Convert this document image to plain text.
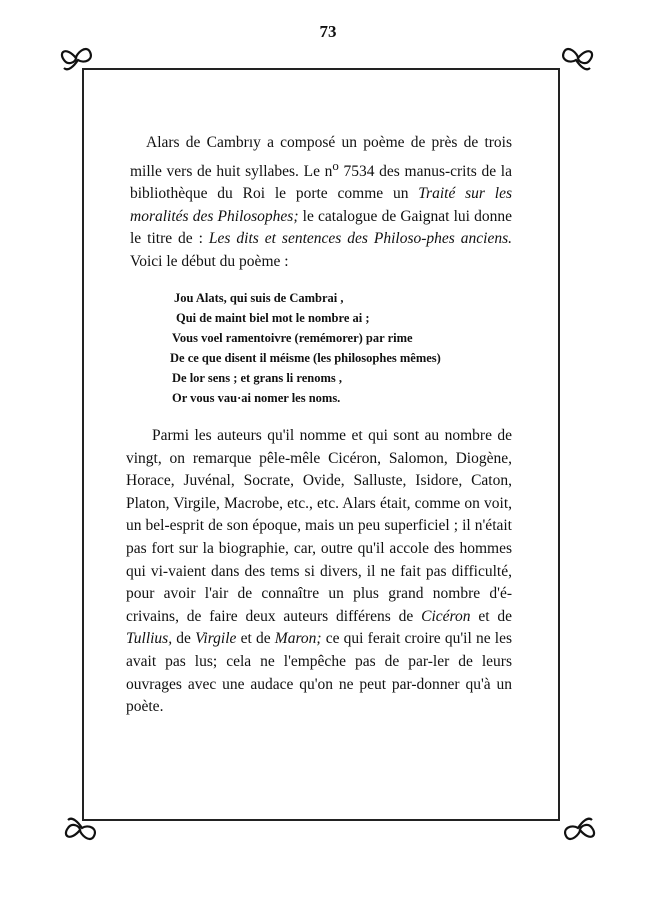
73

Alars de Cambrıy a composé un poème de près de trois mille vers de huit syllabes. Le $n^o$ 7534 des manus-crits de la bibliothèque du Roi le porte comme un Traité sur les moralités des Philosophes; le catalogue de Gaignat lui donne le titre de : Les dits et sentences des Philoso-phes anciens. Voici le début du poème :

Jou Alats, qui suis de Cambrai ,
Qui de maint biel mot le nombre ai ;
Vous voel ramentoivre (remémorer) par rime
De ce que disent il méisme (les philosophes mêmes)
De lor sens ; et grans li renoms ,
Or vous vau·ai nomer les noms.

Parmi les auteurs qu'il nomme et qui sont au nombre de vingt, on remarque pêle-mêle Cicéron, Salomon, Diogène, Horace, Juvénal, Socrate, Ovide, Salluste, Isidore, Caton, Platon, Virgile, Macrobe, etc., etc. Alars était, comme on voit, un bel-esprit de son époque, mais un peu superficiel ; il n'était pas fort sur la biographie, car, outre qu'il accole des hommes qui vi-vaient dans des tems si divers, il ne fait pas difficulté, pour avoir l'air de connaître un plus grand nombre d'é-crivains, de faire deux auteurs différens de Cicéron et de Tullius, de Virgile et de Maron; ce qui ferait croire qu'il ne les avait pas lus; cela ne l'empêche pas de par-ler de leurs ouvrages avec une audace qu'on ne peut par-donner qu'à un poète.
